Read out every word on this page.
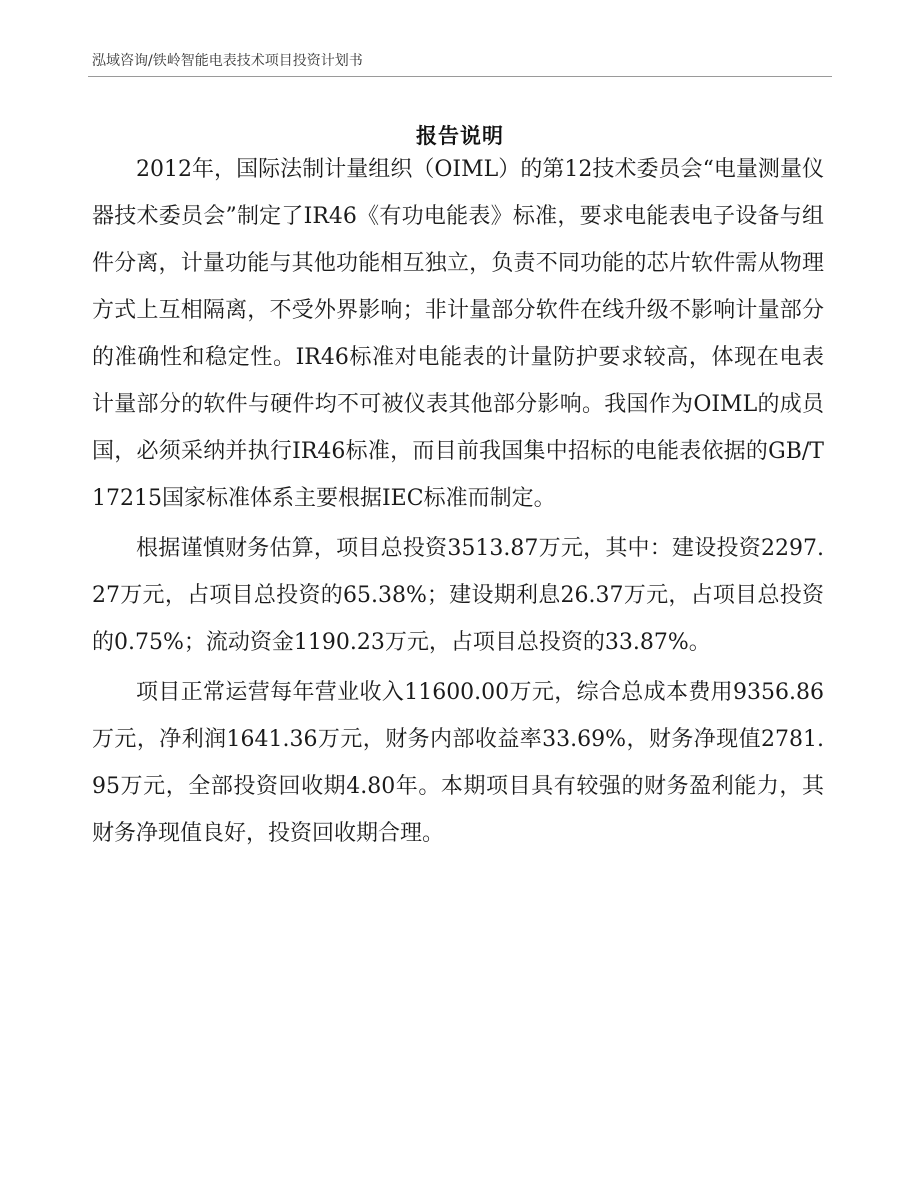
泓域咨询/铁岭智能电表技术项目投资计划书
报告说明

2012年，国际法制计量组织（OIML）的第12技术委员会“电量测量仪器技术委员会”制定了IR46《有功电能表》标准，要求电能表电子设备与组件分离，计量功能与其他功能相互独立，负责不同功能的芯片软件需从物理方式上互相隔离，不受外界影响；非计量部分软件在线升级不影响计量部分的准确性和稳定性。IR46标准对电能表的计量防护要求较高，体现在电表计量部分的软件与硬件均不可被仪表其他部分影响。我国作为OIML的成员国，必须采纳并执行IR46标准，而目前我国集中招标的电能表依据的GB/T17215国家标准体系主要根据IEC标准而制定。

根据谨慎财务估算，项目总投资3513.87万元，其中：建设投资2297.27万元，占项目总投资的65.38%；建设期利息26.37万元，占项目总投资的0.75%；流动资金1190.23万元，占项目总投资的33.87%。

项目正常运营每年营业收入11600.00万元，综合总成本费用9356.86万元，净利润1641.36万元，财务内部收益率33.69%，财务净现值2781.95万元，全部投资回收期4.80年。本期项目具有较强的财务盈利能力，其财务净现值良好，投资回收期合理。
